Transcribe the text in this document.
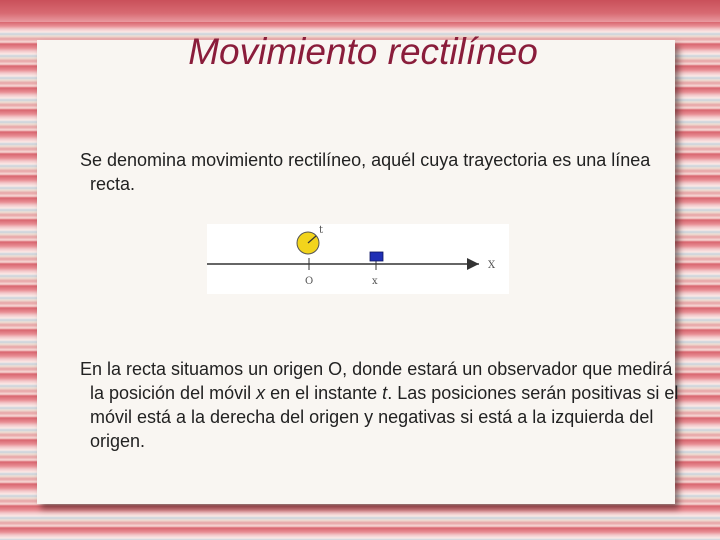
Movimiento rectilíneo

Se denomina movimiento rectilíneo, aquél cuya trayectoria es una línea recta.

t
O	x
X

En la recta situamos un origen O, donde estará un observador que medirá la posición del móvil x en el instante t. Las posiciones serán positivas si el móvil está a la derecha del origen y negativas si está a la izquierda del origen.
